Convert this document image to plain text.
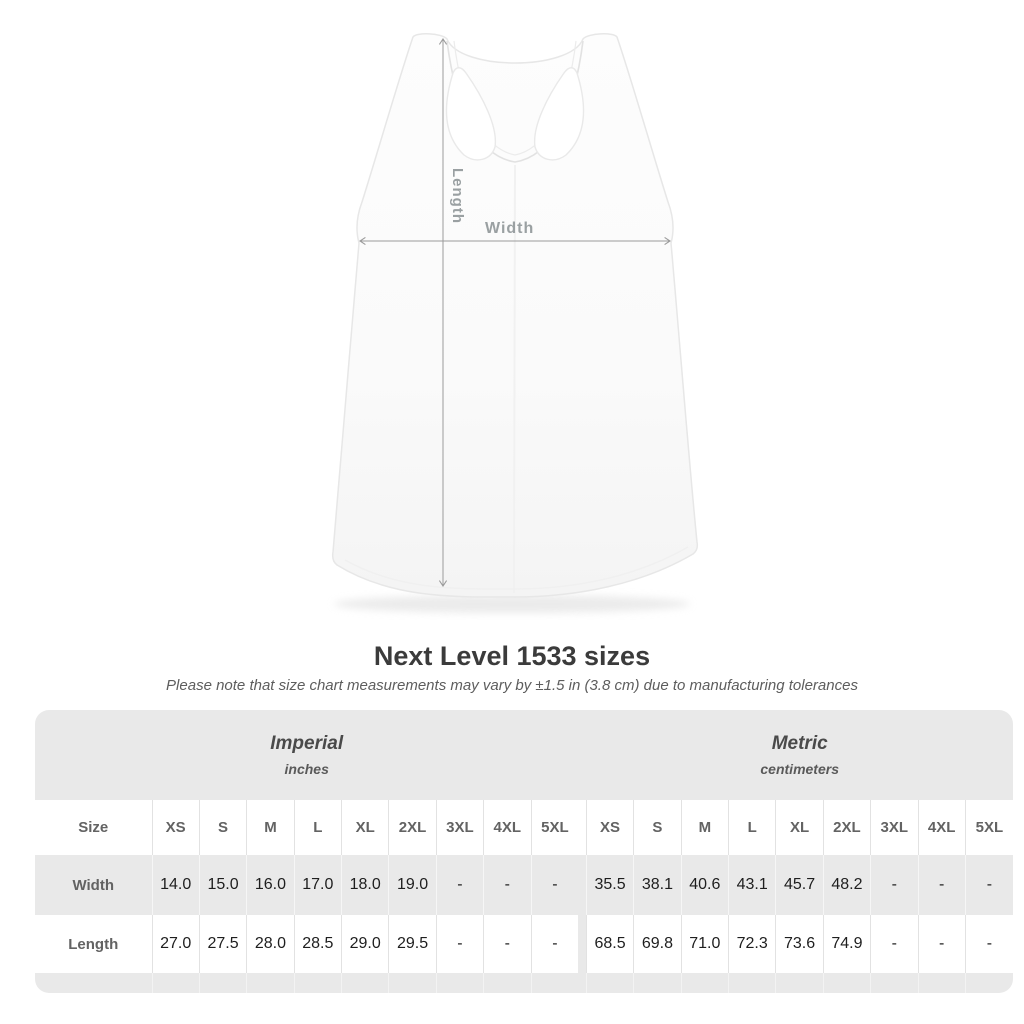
Length
Width
Next Level 1533 sizes
Please note that size chart measurements may vary by ±1.5 in (3.8 cm) due to manufacturing tolerances
Imperial
inches

Metric
centimeters

Size	XS	S	M	L	XL	2XL	3XL	4XL	5XL		XS	S	M	L	XL	2XL	3XL	4XL	5XL
Width	14.0	15.0	16.0	17.0	18.0	19.0	-	-	-		35.5	38.1	40.6	43.1	45.7	48.2	-	-	-
Length	27.0	27.5	28.0	28.5	29.0	29.5	-	-	-		68.5	69.8	71.0	72.3	73.6	74.9	-	-	-
